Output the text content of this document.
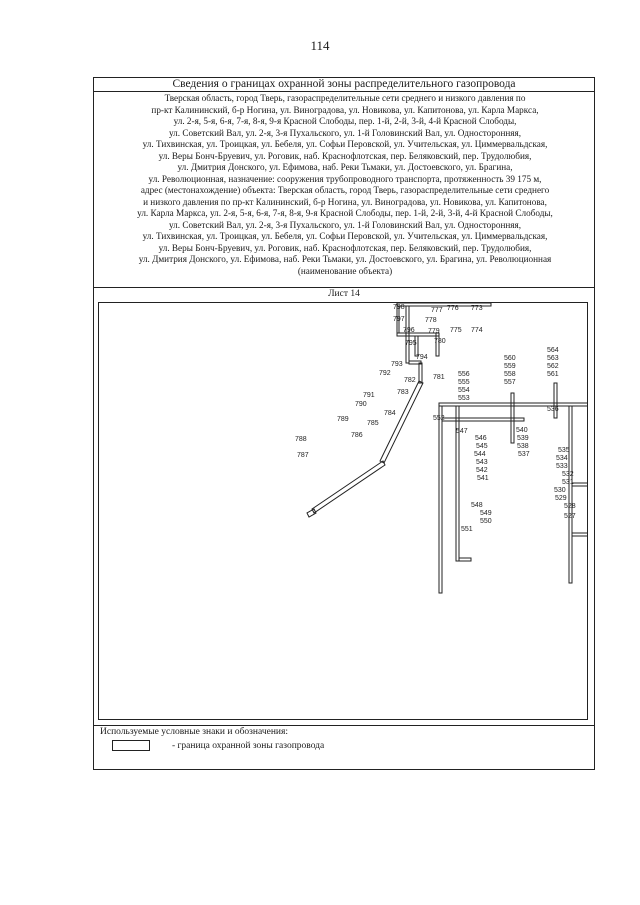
114
Сведения о границах охранной зоны распределительного газопровода
Тверская область, город Тверь, газораспределительные сети среднего и низкого давления по
пр-кт Калининский, б-р Ногина, ул. Виноградова, ул. Новикова, ул. Капитонова, ул. Карла Маркса,
ул. 2-я, 5-я, 6-я, 7-я, 8-я, 9-я Красной Слободы, пер. 1-й, 2-й, 3-й, 4-й Красной Слободы,
ул. Советский Вал, ул. 2-я, 3-я Пухальского, ул. 1-й Головинский Вал, ул. Односторонняя,
ул. Тихвинская, ул. Троицкая, ул. Бебеля, ул. Софьи Перовской, ул. Учительская, ул. Циммервальдская,
ул. Веры Бонч-Бруевич, ул. Роговик, наб. Краснофлотская, пер. Беляковский, пер. Трудолюбия,
ул. Дмитрия Донского, ул. Ефимова, наб. Реки Тьмаки, ул. Достоевского, ул. Брагина,
ул. Революционная, назначение: сооружения трубопроводного транспорта, протяженность 39 175 м,
адрес (местонахождение) объекта: Тверская область, город Тверь, газораспределительные сети среднего
и низкого давления по пр-кт Калининский, б-р Ногина, ул. Виноградова, ул. Новикова, ул. Капитонова,
ул. Карла Маркса, ул. 2-я, 5-я, 6-я, 7-я, 8-я, 9-я Красной Слободы, пер. 1-й, 2-й, 3-й, 4-й Красной Слободы,
ул. Советский Вал, ул. 2-я, 3-я Пухальского, ул. 1-й Головинский Вал, ул. Односторонняя,
ул. Тихвинская, ул. Троицкая, ул. Бебеля, ул. Софьи Перовской, ул. Учительская, ул. Циммервальдская,
ул. Веры Бонч-Бруевич, ул. Роговик, наб. Краснофлотская, пер. Беляковский, пер. Трудолюбия,
ул. Дмитрия Донского, ул. Ефимова, наб. Реки Тьмаки, ул. Достоевского, ул. Брагина, ул. Революционная
(наименование объекта)
Лист 14
798	777 776 773
797	778
796 779 775 774
780
795
794
793
792
782 781
783
791
790
784
789
785
786
788
787
556
555
554
553
552
547
546
545
544
543
542
541
548
549
550
551
560
559
558
557
540
539
538
537
564
563
562
561
536
535
534
533
532
531
530
529
528
527
Используемые условные знаки и обозначения:
- граница охранной зоны газопровода
